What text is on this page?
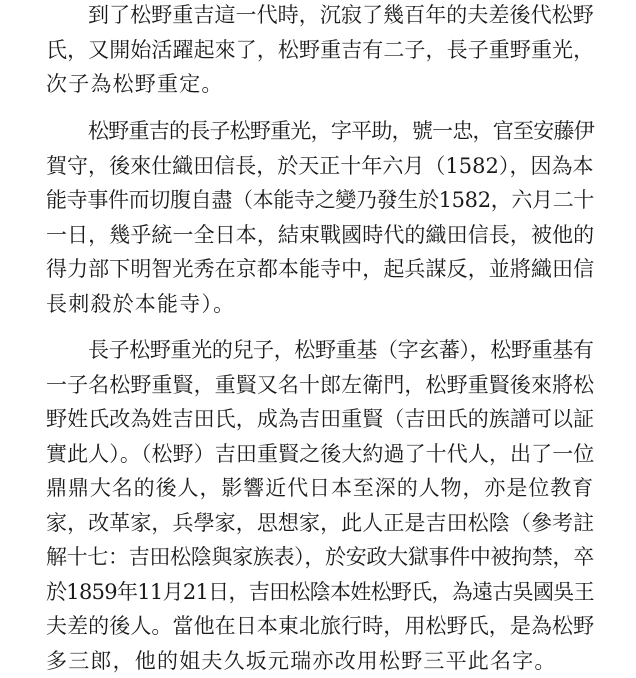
到了松野重吉這一代時，沉寂了幾百年的夫差後代松野
氏，又開始活躍起來了，松野重吉有二子，長子重野重光，
次子為松野重定。

松野重吉的長子松野重光，字平助，號一忠，官至安藤伊
賀守，後來仕織田信長，於天正十年六月（1582），因為本
能寺事件而切腹自盡（本能寺之變乃發生於1582，六月二十
一日，幾乎統一全日本，結束戰國時代的織田信長，被他的
得力部下明智光秀在京都本能寺中，起兵謀反，並將織田信
長刺殺於本能寺）。

長子松野重光的兒子，松野重基（字玄蕃），松野重基有
一子名松野重賢，重賢又名十郎左衛門，松野重賢後來將松
野姓氏改為姓吉田氏，成為吉田重賢（吉田氏的族譜可以証
實此人）。（松野）吉田重賢之後大約過了十代人，出了一位
鼎鼎大名的後人，影響近代日本至深的人物，亦是位教育
家，改革家，兵學家，思想家，此人正是吉田松陰（參考註
解十七：吉田松陰與家族表），於安政大獄事件中被拘禁，卒
於1859年11月21日，吉田松陰本姓松野氏，為遠古吳國吳王
夫差的後人。當他在日本東北旅行時，用松野氏，是為松野
多三郎，他的姐夫久坂元瑞亦改用松野三平此名字。
